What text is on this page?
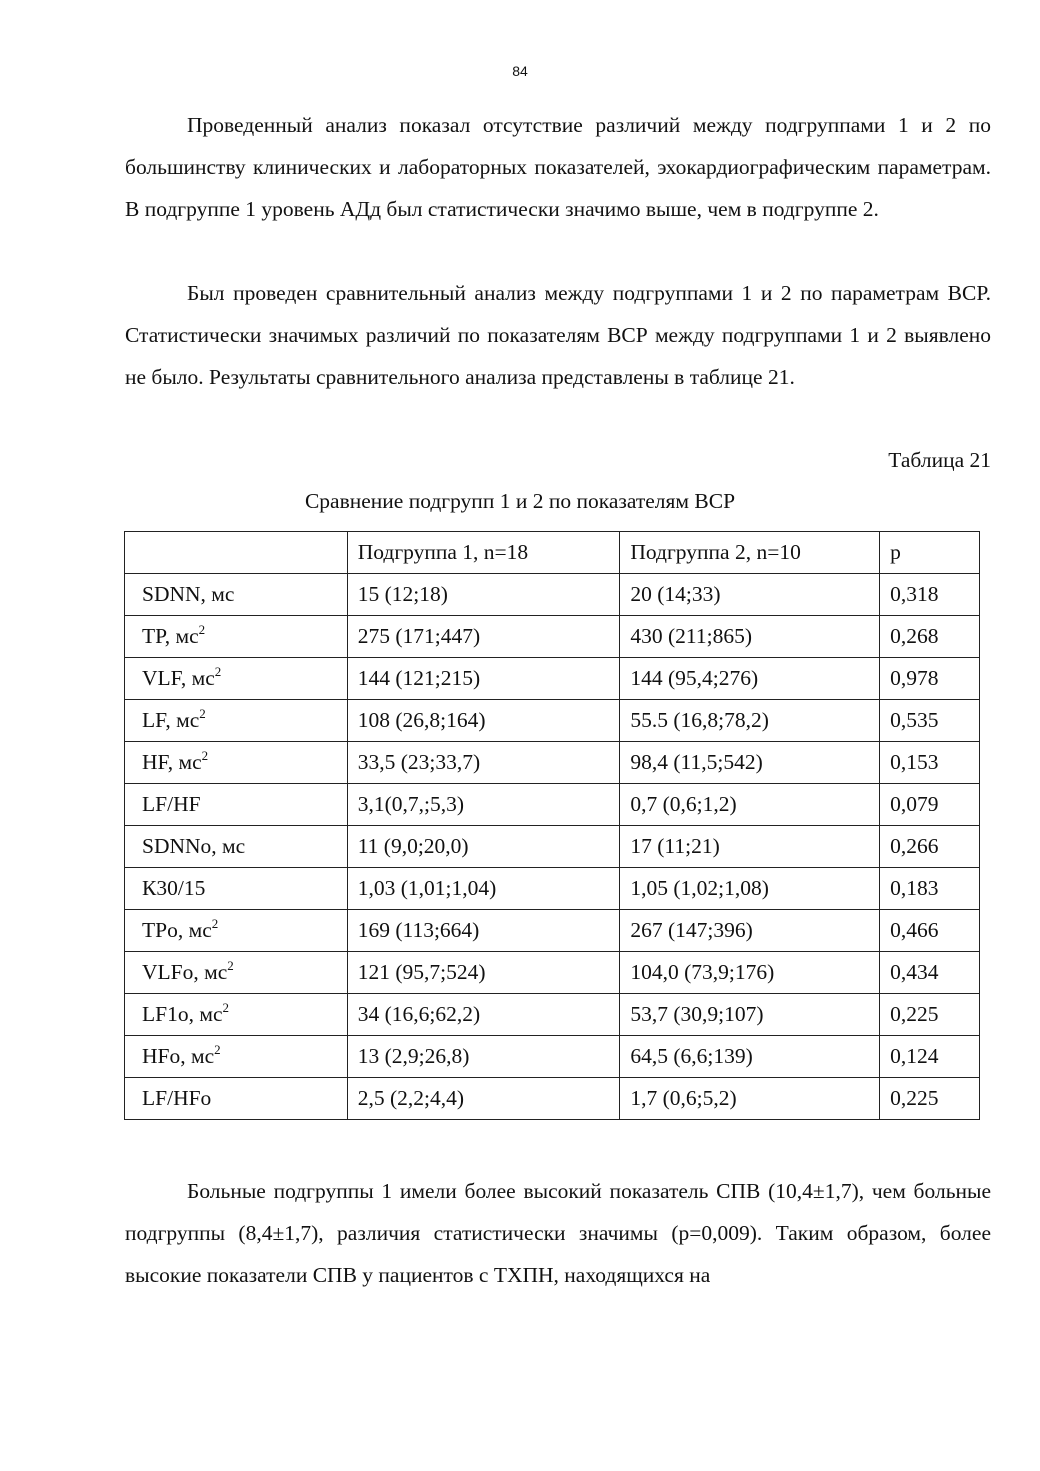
84

Проведенный анализ показал отсутствие различий между подгруппами 1 и 2 по большинству клинических и лабораторных показателей, эхокардиографическим параметрам. В подгруппе 1 уровень АДд был статистически значимо выше, чем в подгруппе 2.

Был проведен сравнительный анализ между подгруппами 1 и 2 по параметрам ВСР. Статистически значимых различий по показателям ВСР между подгруппами 1 и 2 выявлено не было. Результаты сравнительного анализа представлены в таблице 21.

Таблица 21
Сравнение подгрупп 1 и 2 по показателям ВСР
	Подгруппа 1, n=18	Подгруппа 2, n=10	p
SDNN, мс	15 (12;18)	20 (14;33)	0,318
TP, $мс^2$	275 (171;447)	430 (211;865)	0,268
VLF, $мс^2$	144 (121;215)	144 (95,4;276)	0,978
LF, $мс^2$	108 (26,8;164)	55.5 (16,8;78,2)	0,535
HF, $мс^2$	33,5 (23;33,7)	98,4 (11,5;542)	0,153
LF/HF	3,1(0,7,;5,3)	0,7 (0,6;1,2)	0,079
SDNNo, мс	11 (9,0;20,0)	17 (11;21)	0,266
К30/15	1,03 (1,01;1,04)	1,05 (1,02;1,08)	0,183
TPo, $мс^2$	169 (113;664)	267 (147;396)	0,466
VLFo, $мс^2$	121 (95,7;524)	104,0 (73,9;176)	0,434
LF1o, $мс^2$	34 (16,6;62,2)	53,7 (30,9;107)	0,225
HFo, $мс^2$	13 (2,9;26,8)	64,5 (6,6;139)	0,124
LF/HFo	2,5 (2,2;4,4)	1,7 (0,6;5,2)	0,225

Больные подгруппы 1 имели более высокий показатель СПВ (10,4±1,7), чем больные подгруппы (8,4±1,7), различия статистически значимы (p=0,009). Таким образом, более высокие показатели СПВ у пациентов с ТХПН, находящихся на
